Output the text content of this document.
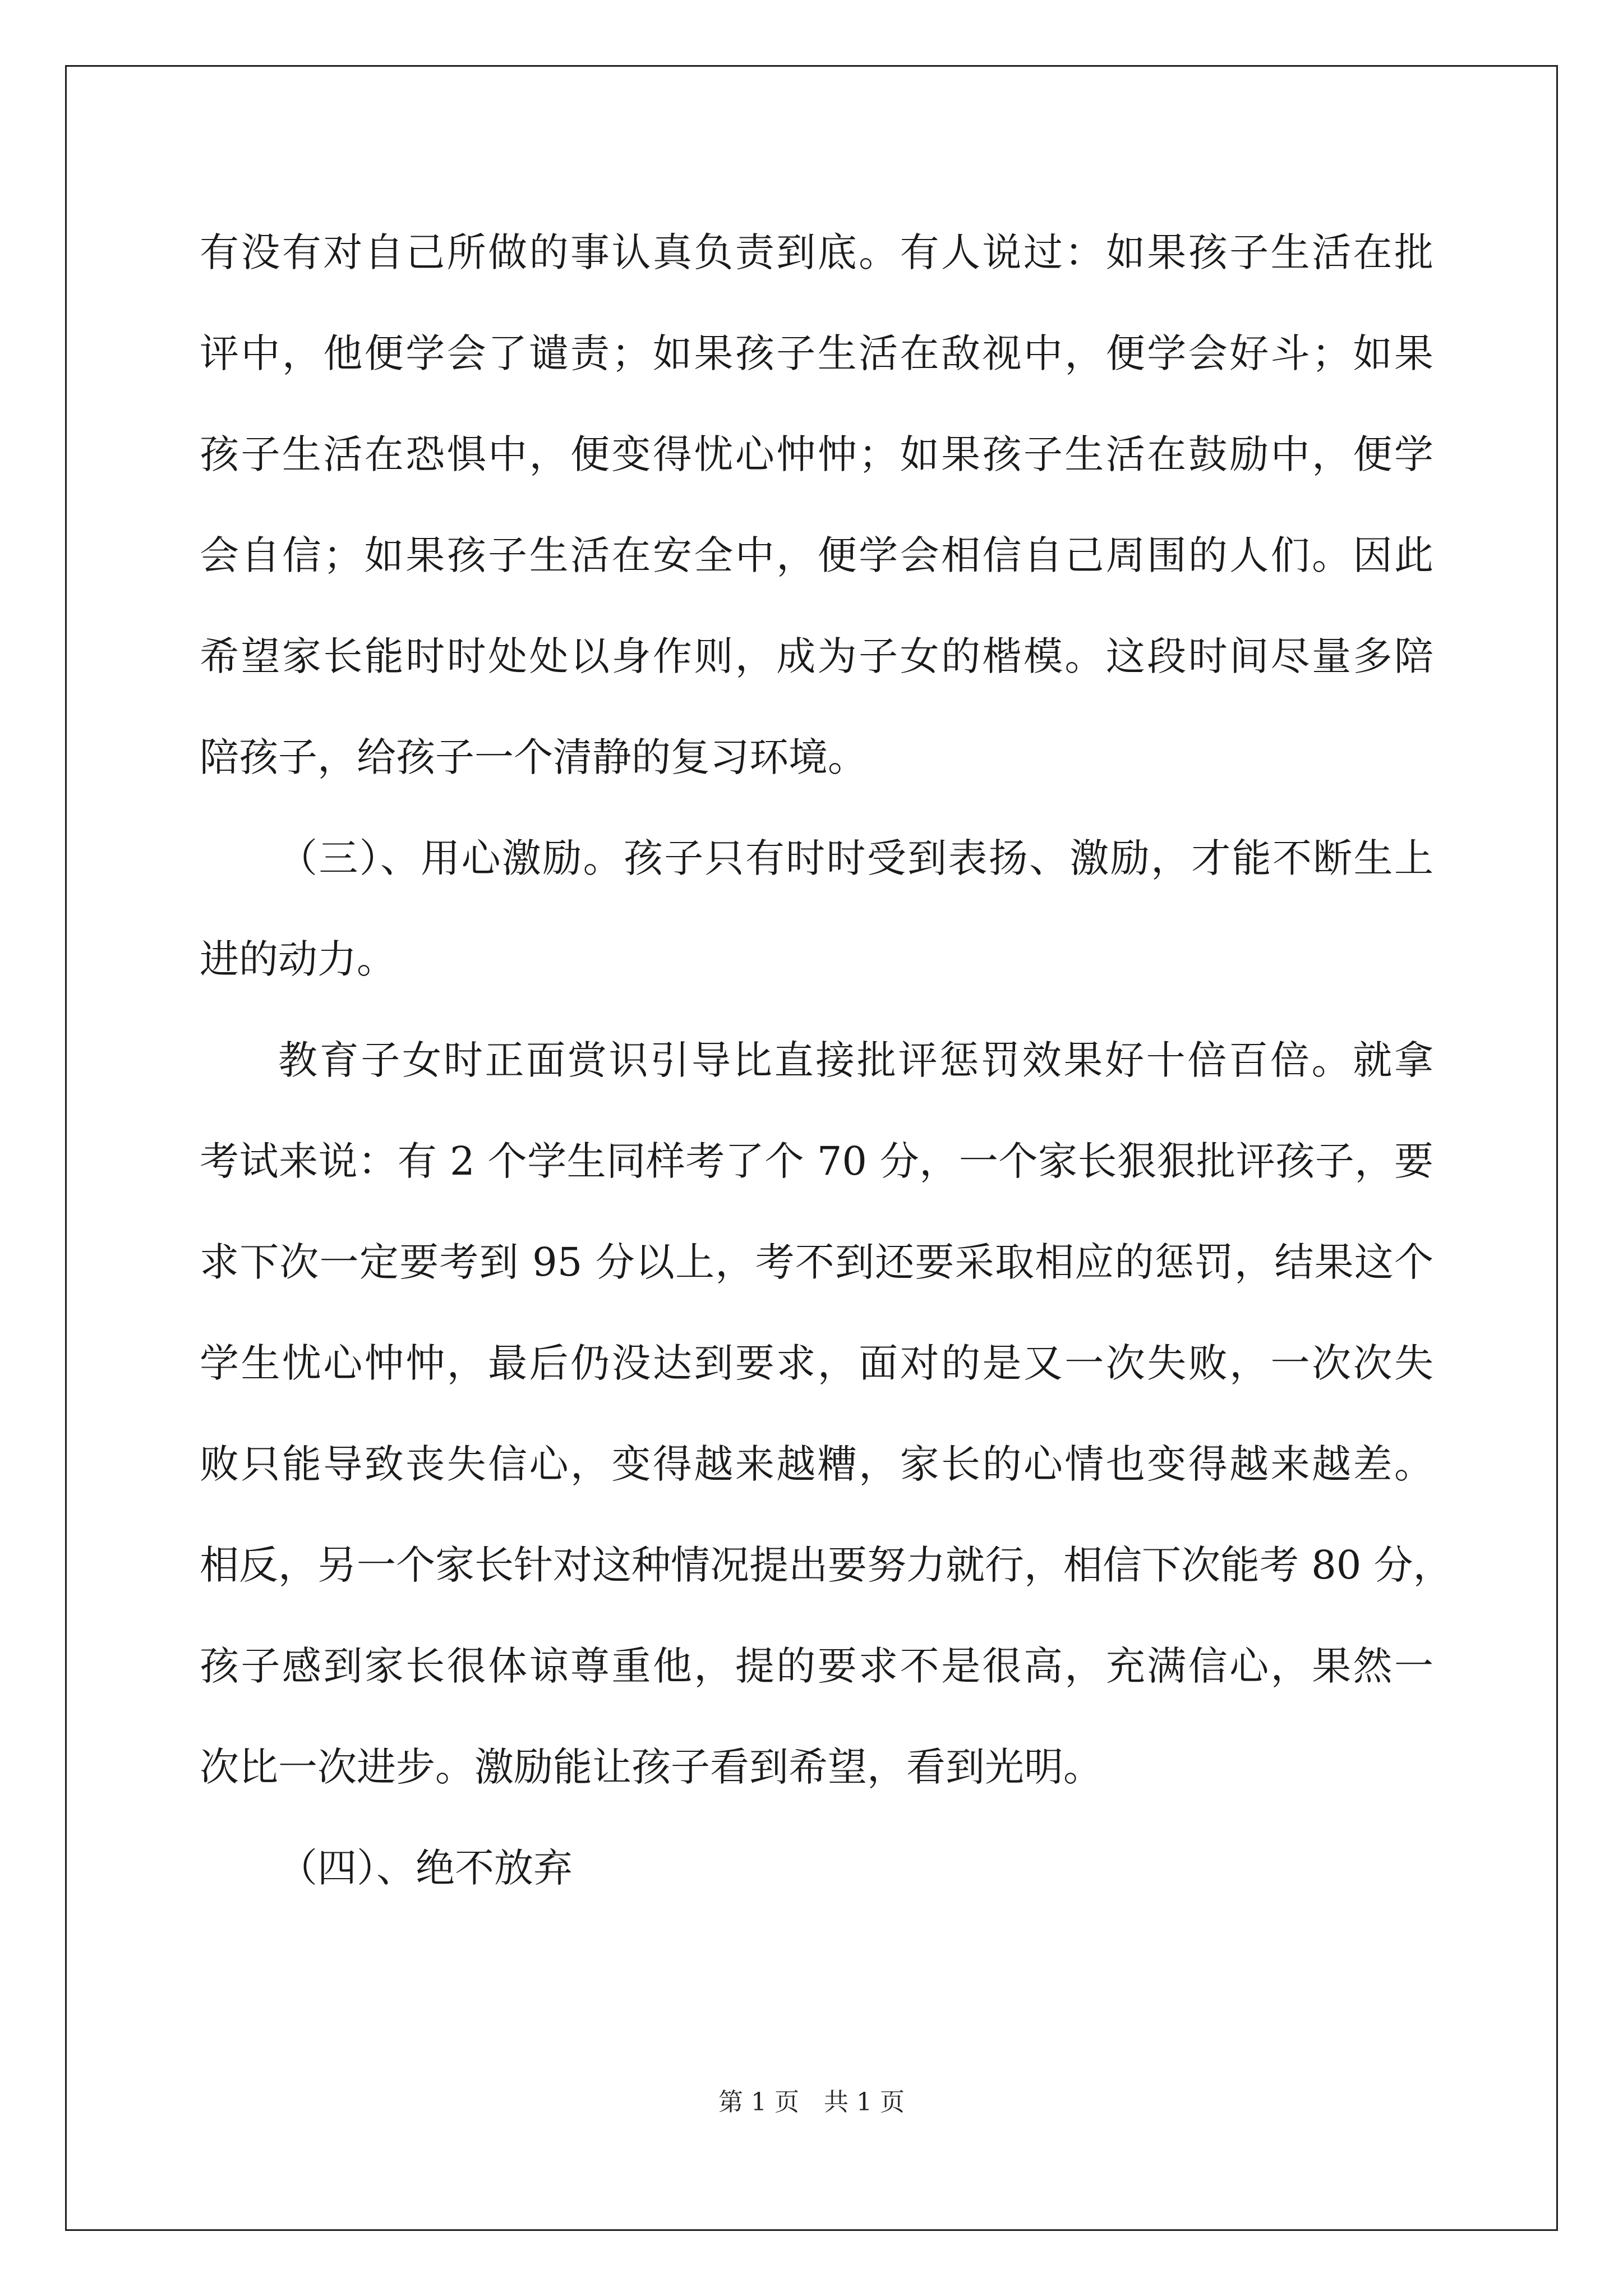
有没有对自己所做的事认真负责到底。有人说过：如果孩子生活在批
评中，他便学会了谴责；如果孩子生活在敌视中，便学会好斗；如果
孩子生活在恐惧中，便变得忧心忡忡；如果孩子生活在鼓励中，便学
会自信；如果孩子生活在安全中，便学会相信自己周围的人们。因此
希望家长能时时处处以身作则，成为子女的楷模。这段时间尽量多陪
陪孩子，给孩子一个清静的复习环境。
（三）、用心激励。孩子只有时时受到表扬、激励，才能不断生上
进的动力。
教育子女时正面赏识引导比直接批评惩罚效果好十倍百倍。就拿
考试来说：有 2 个学生同样考了个 70 分，一个家长狠狠批评孩子，要
求下次一定要考到 95 分以上，考不到还要采取相应的惩罚，结果这个
学生忧心忡忡，最后仍没达到要求，面对的是又一次失败，一次次失
败只能导致丧失信心，变得越来越糟，家长的心情也变得越来越差。
相反，另一个家长针对这种情况提出要努力就行，相信下次能考 80 分，
孩子感到家长很体谅尊重他，提的要求不是很高，充满信心，果然一
次比一次进步。激励能让孩子看到希望，看到光明。
（四）、绝不放弃
第 1 页　共 1 页
